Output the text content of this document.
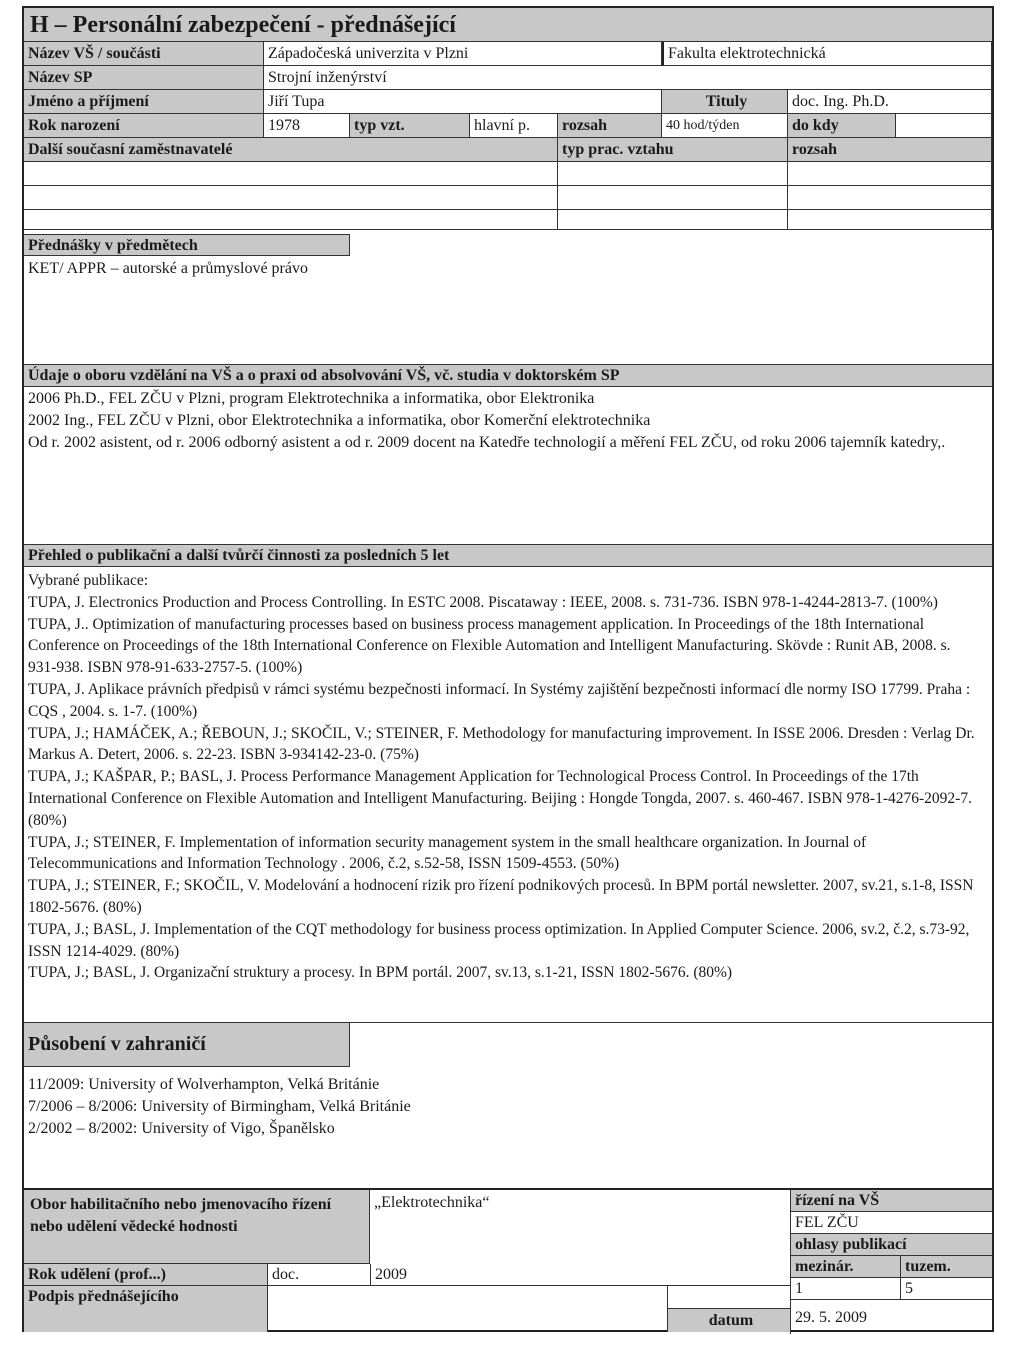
H – Personální zabezpečení - přednášející
Název VŠ / součásti	Západočeská univerzita v Plzni	Fakulta elektrotechnická
Název SP	Strojní inženýrství
Jméno a příjmení	Jiří Tupa	Tituly	doc. Ing. Ph.D.
Rok narození	1978	typ vzt.	hlavní p.	rozsah	40 hod/týden	do kdy
Další současní zaměstnavatelé	typ prac. vztahu	rozsah
Přednášky v předmětech
KET/ APPR – autorské a průmyslové právo
Údaje o oboru vzdělání na VŠ a o praxi od absolvování VŠ, vč. studia v doktorském SP
2006 Ph.D., FEL ZČU v Plzni, program Elektrotechnika a informatika, obor Elektronika
2002 Ing., FEL ZČU v Plzni, obor Elektrotechnika a informatika, obor Komerční elektrotechnika
Od r. 2002 asistent, od r. 2006 odborný asistent a od r. 2009 docent na Katedře technologií a měření FEL ZČU, od roku 2006 tajemník katedry,.
Přehled o publikační a další tvůrčí činnosti za posledních 5 let
Vybrané publikace:
TUPA, J. Electronics Production and Process Controlling. In ESTC 2008. Piscataway : IEEE, 2008. s. 731-736. ISBN 978-1-4244-2813-7. (100%)
TUPA, J.. Optimization of manufacturing processes based on business process management application. In Proceedings of the 18th International Conference on Proceedings of the 18th International Conference on Flexible Automation and Intelligent Manufacturing. Skövde : Runit AB, 2008. s. 931-938. ISBN 978-91-633-2757-5. (100%)
TUPA, J. Aplikace právních předpisů v rámci systému bezpečnosti informací. In Systémy zajištění bezpečnosti informací dle normy ISO 17799. Praha : CQS , 2004. s. 1-7. (100%)
TUPA, J.; HAMÁČEK, A.; ŘEBOUN, J.; SKOČIL, V.; STEINER, F. Methodology for manufacturing improvement. In ISSE 2006. Dresden : Verlag Dr. Markus A. Detert, 2006. s. 22-23. ISBN 3-934142-23-0. (75%)
TUPA, J.; KAŠPAR, P.; BASL, J. Process Performance Management Application for Technological Process Control. In Proceedings of the 17th International Conference on Flexible Automation and Intelligent Manufacturing. Beijing : Hongde Tongda, 2007. s. 460-467. ISBN 978-1-4276-2092-7. (80%)
TUPA, J.; STEINER, F. Implementation of information security management system in the small healthcare organization. In Journal of Telecommunications and Information Technology . 2006, č.2, s.52-58, ISSN 1509-4553. (50%)
TUPA, J.; STEINER, F.; SKOČIL, V. Modelování a hodnocení rizik pro řízení podnikových procesů. In BPM portál newsletter. 2007, sv.21, s.1-8, ISSN 1802-5676. (80%)
TUPA, J.; BASL, J. Implementation of the CQT methodology for business process optimization. In Applied Computer Science. 2006, sv.2, č.2, s.73-92, ISSN 1214-4029. (80%)
TUPA, J.; BASL, J. Organizační struktury a procesy. In BPM portál. 2007, sv.13, s.1-21, ISSN 1802-5676. (80%)
Působení v zahraničí
11/2009: University of Wolverhampton, Velká Británie
7/2006 – 8/2006: University of Birmingham, Velká Británie
2/2002 – 8/2002: University of Vigo, Španělsko
Obor habilitačního nebo jmenovacího řízení nebo udělení vědecké hodnosti
„Elektrotechnika“	řízení na VŠ
FEL ZČU
ohlasy publikací
mezinár.	tuzem.
1	5
Rok udělení (prof...)	doc.	2009
Podpis přednášejícího
datum	29. 5. 2009
